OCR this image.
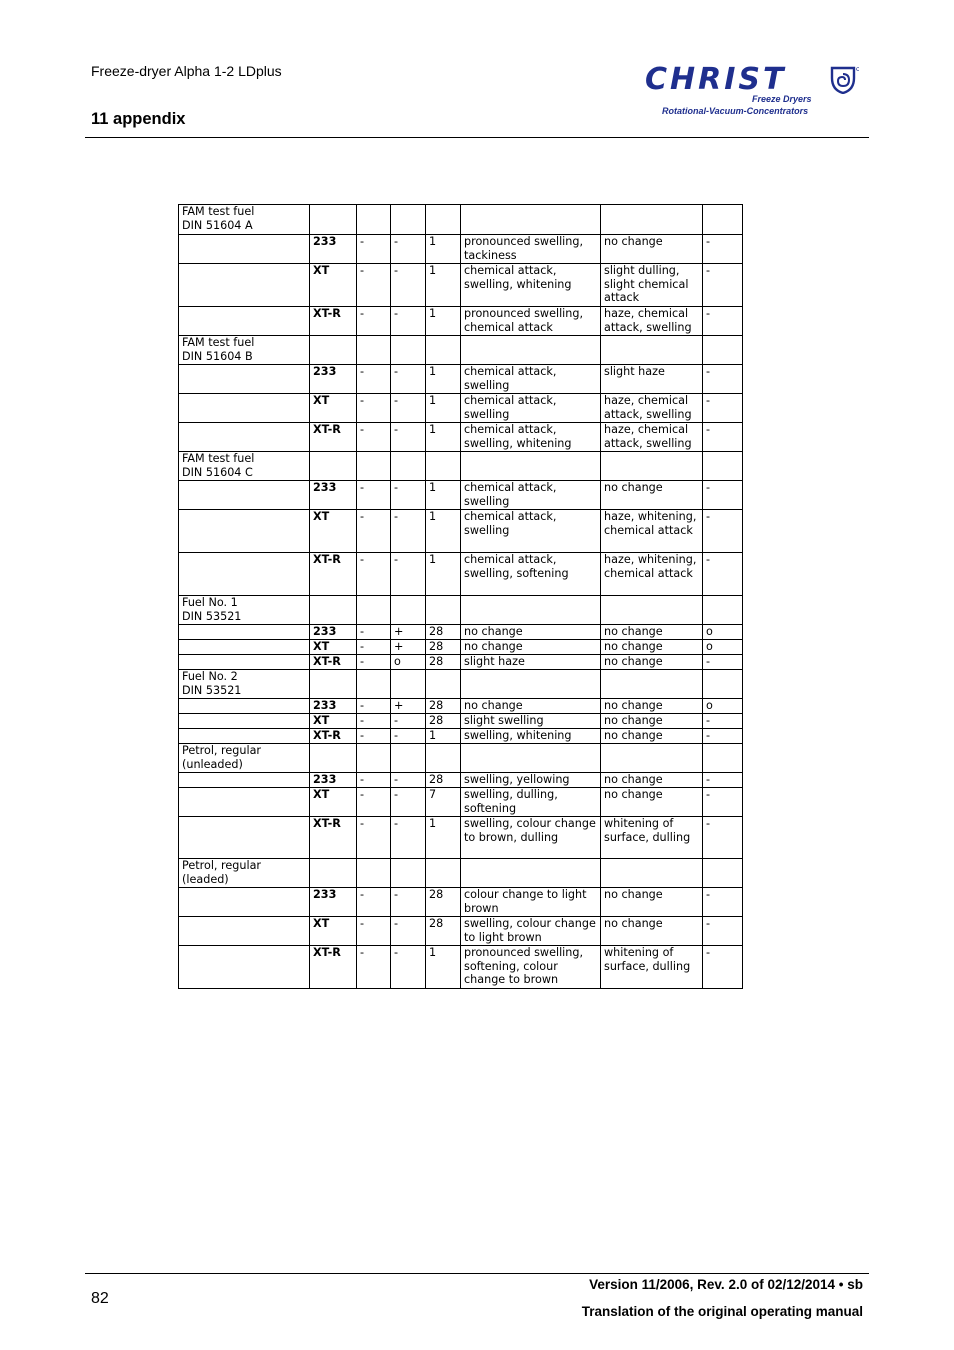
Freeze-dryer Alpha 1-2 LDplus
11 appendix
CHRIST
Freeze Dryers
Rotational-Vacuum-Concentrators
FAM test fuel
DIN 51604 A							
	233	-	-	1	pronounced swelling, tackiness	no change	-
	XT	-	-	1	chemical attack, swelling, whitening	slight dulling, slight chemical attack	-
	XT-R	-	-	1	pronounced swelling, chemical attack	haze, chemical attack, swelling	-
FAM test fuel
DIN 51604 B							
	233	-	-	1	chemical attack, swelling	slight haze	-
	XT	-	-	1	chemical attack, swelling	haze, chemical attack, swelling	-
	XT-R	-	-	1	chemical attack, swelling, whitening	haze, chemical attack, swelling	-
FAM test fuel
DIN 51604 C							
	233	-	-	1	chemical attack, swelling	no change	-
	XT	-	-	1	chemical attack, swelling	haze, whitening, chemical attack	-
	XT-R	-	-	1	chemical attack, swelling, softening	haze, whitening, chemical attack	-
Fuel No. 1
DIN 53521							
	233	-	+	28	no change	no change	o
	XT	-	+	28	no change	no change	o
	XT-R	-	o	28	slight haze	no change	-
Fuel No. 2
DIN 53521							
	233	-	+	28	no change	no change	o
	XT	-	-	28	slight swelling	no change	-
	XT-R	-	-	1	swelling, whitening	no change	-
Petrol, regular
(unleaded)							
	233	-	-	28	swelling, yellowing	no change	-
	XT	-	-	7	swelling, dulling, softening	no change	-
	XT-R	-	-	1	swelling, colour change to brown, dulling	whitening of surface, dulling	-
Petrol, regular
(leaded)							
	233	-	-	28	colour change to light brown	no change	-
	XT	-	-	28	swelling, colour change to light brown	no change	-
	XT-R	-	-	1	pronounced swelling, softening, colour change to brown	whitening of surface, dulling	-
82
Version 11/2006, Rev. 2.0 of 02/12/2014 • sb
Translation of the original operating manual
